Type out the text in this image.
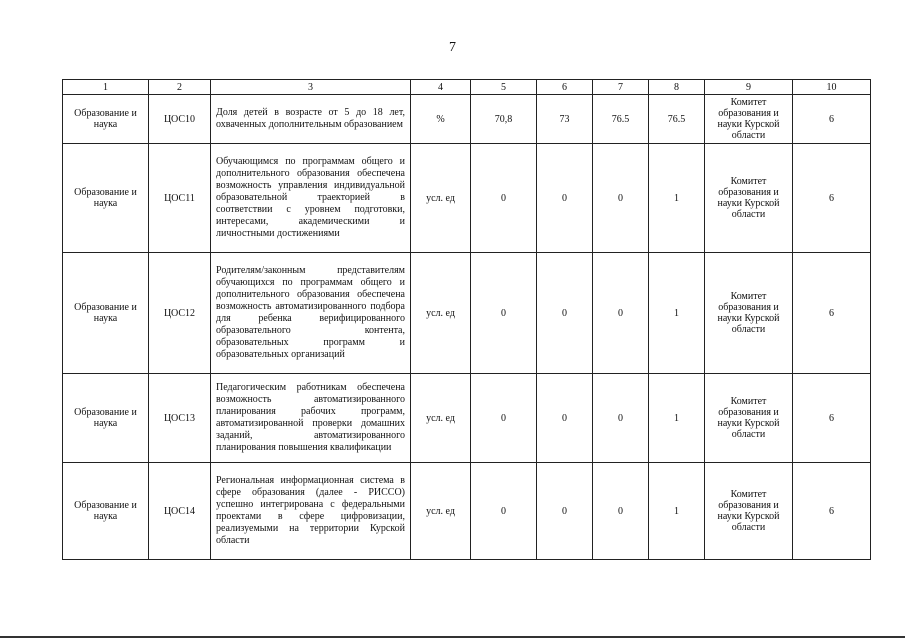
7
1	2	3	4	5	6	7	8	9	10
Образование и наука	ЦОС10	Доля детей в возрасте от 5 до 18 лет, охваченных дополнительным образованием	%	70,8	73	76.5	76.5	Комитет образования и науки Курской области	6
Образование и наука	ЦОС11	Обучающимся по программам общего и дополнительного образования обеспечена возможность управления индивидуальной образовательной траекторией в соответствии с уровнем подготовки, интересами, академическими и личностными достижениями	усл. ед	0	0	0	1	Комитет образования и науки Курской области	6
Образование и наука	ЦОС12	Родителям/законным представителям обучающихся по программам общего и дополнительного образования обеспечена возможность автоматизированного подбора для ребенка верифицированного образовательного контента, образовательных программ и образовательных организаций	усл. ед	0	0	0	1	Комитет образования и науки Курской области	6
Образование и наука	ЦОС13	Педагогическим работникам обеспечена возможность автоматизированного планирования рабочих программ, автоматизированной проверки домашних заданий, автоматизированного планирования повышения квалификации	усл. ед	0	0	0	1	Комитет образования и науки Курской области	6
Образование и наука	ЦОС14	Региональная информационная система в сфере образования (далее - РИССО) успешно интегрирована с федеральными проектами в сфере цифровизации, реализуемыми на территории Курской области	усл. ед	0	0	0	1	Комитет образования и науки Курской области	6
